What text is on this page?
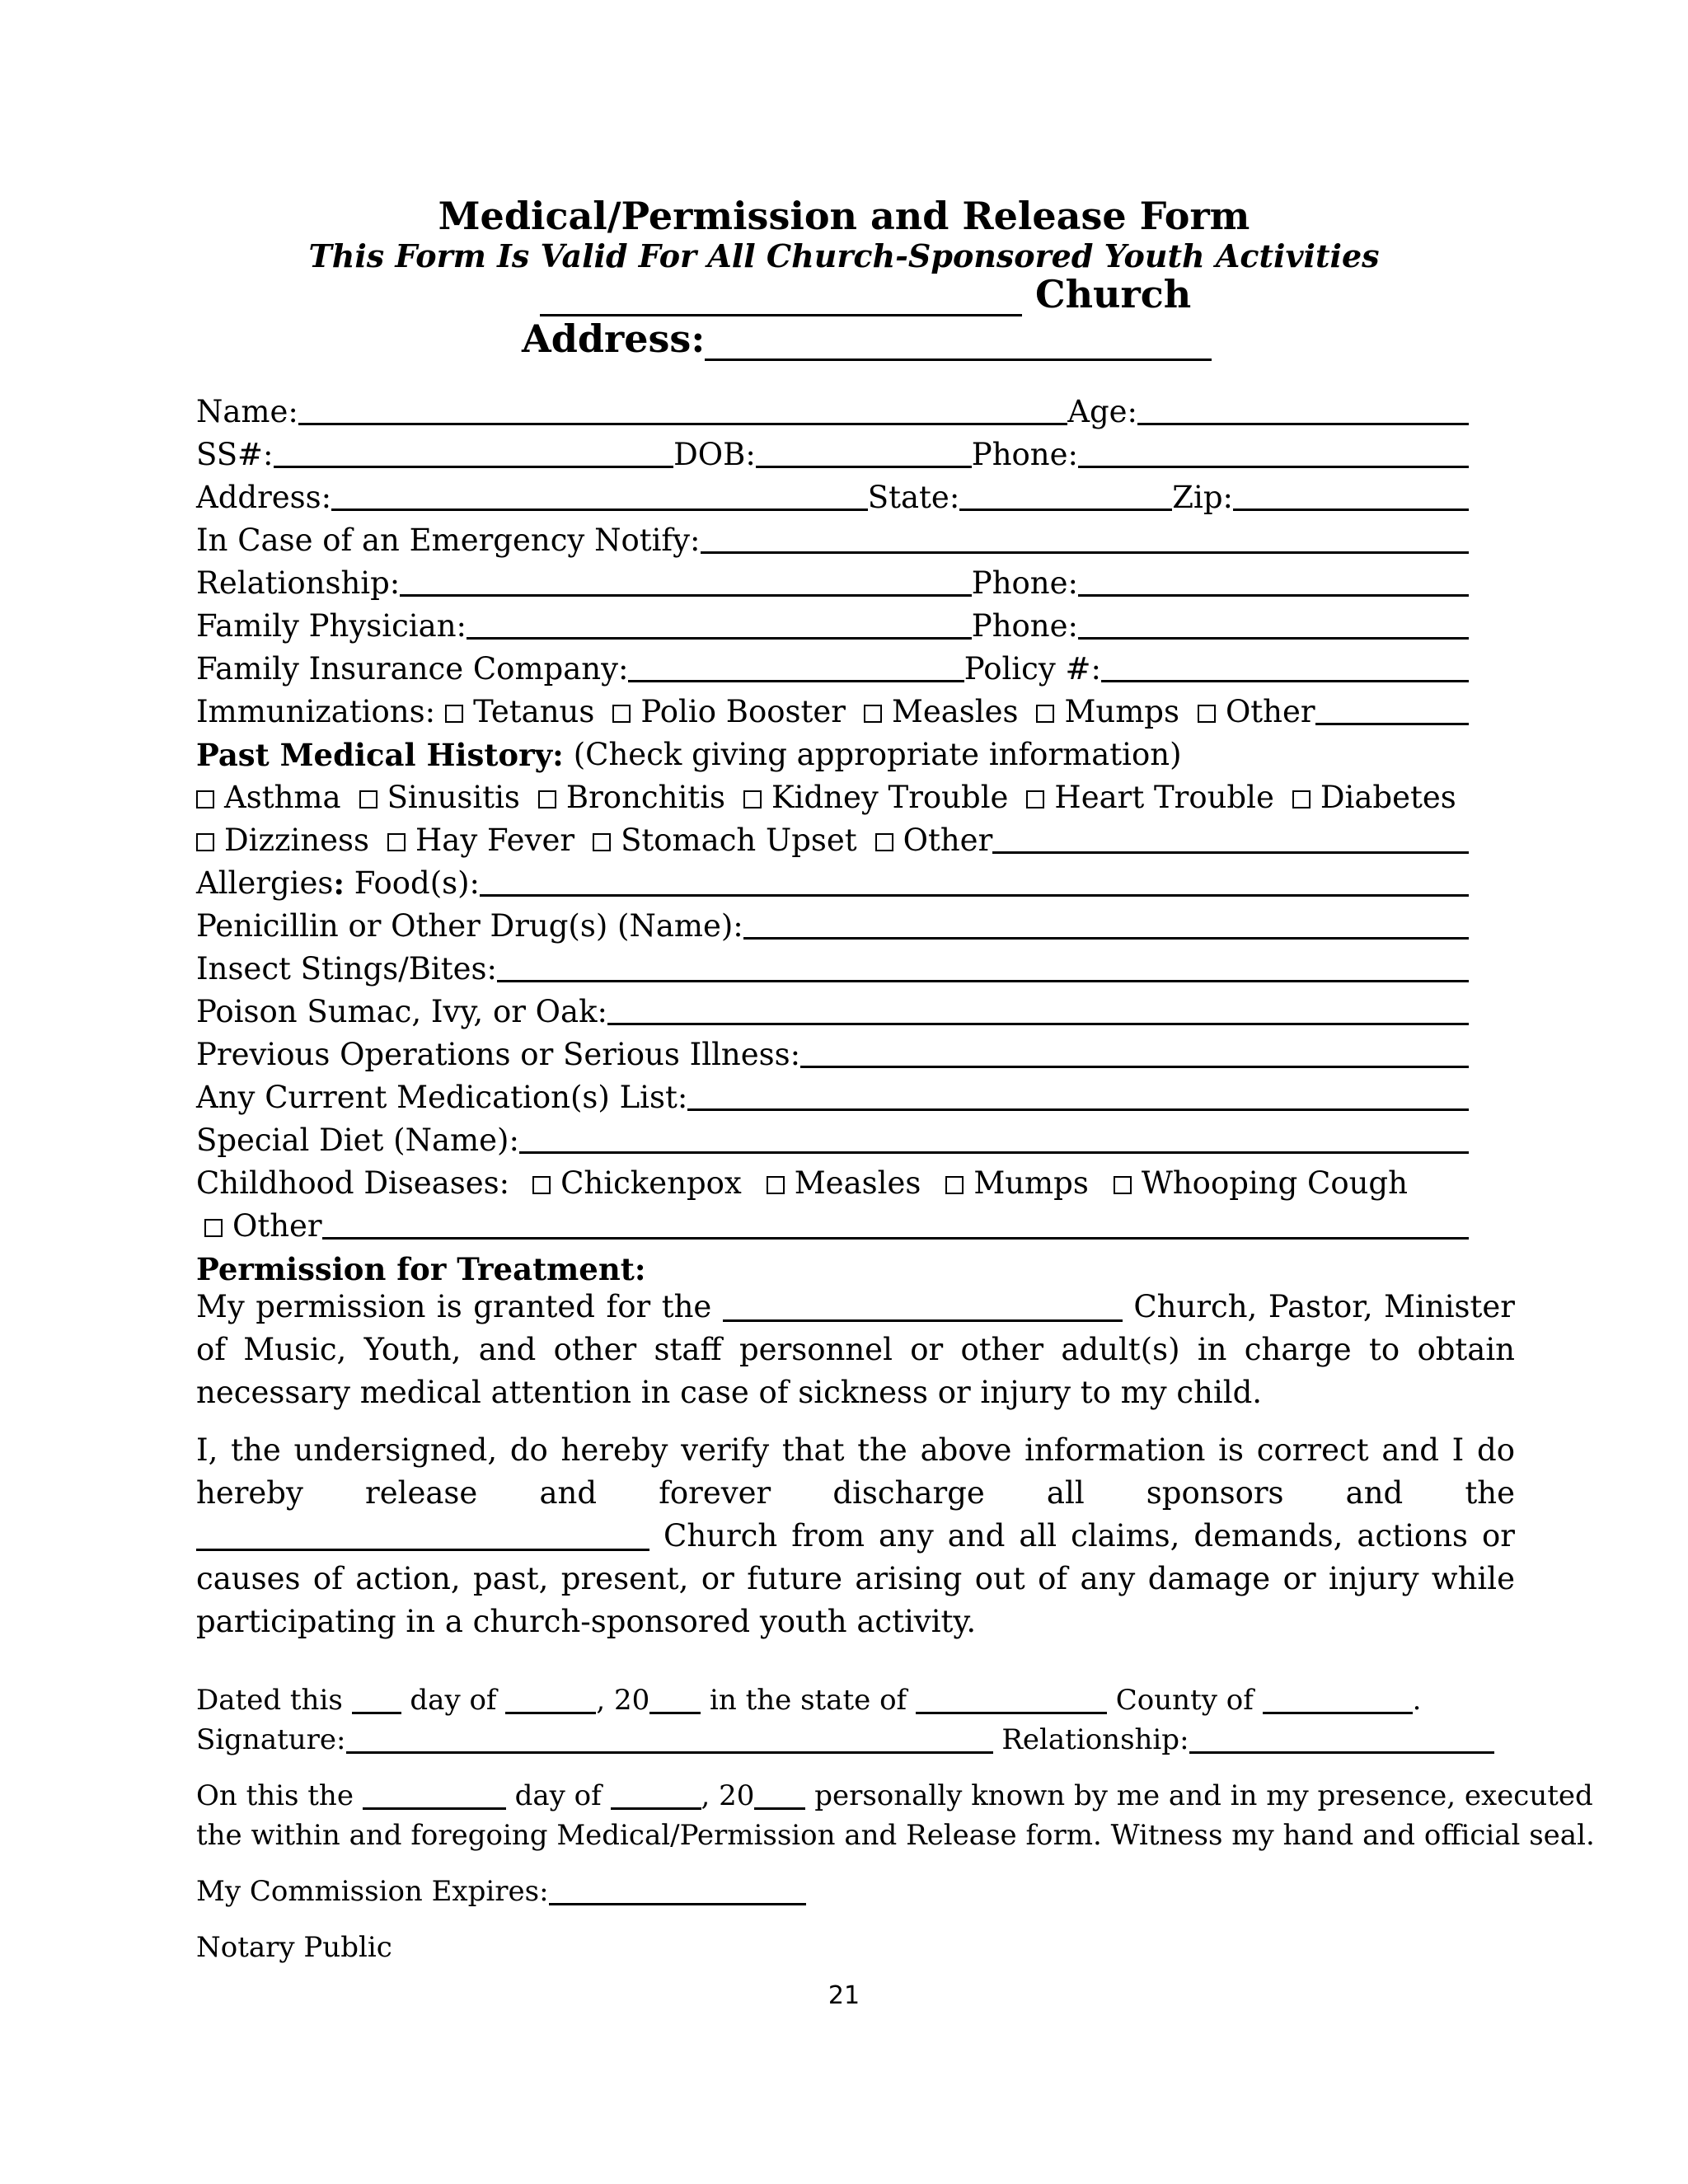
Medical/Permission and Release Form
This Form Is Valid For All Church-Sponsored Youth Activities
Church
Address:
Name:	Age:
SS#:	DOB:	Phone:
Address:	State:	Zip:
In Case of an Emergency Notify:
Relationship:	Phone:
Family Physician:	Phone:
Family Insurance Company:	Policy #:
Immunizations:	Tetanus	Polio Booster	Measles	Mumps	Other
Past Medical History: (Check giving appropriate information)
Asthma	Sinusitis	Bronchitis	Kidney Trouble	Heart Trouble	Diabetes
Dizziness	Hay Fever	Stomach Upset	Other
Allergies : Food(s):
Penicillin or Other Drug(s) (Name):
Insect Stings/Bites:
Poison Sumac, Ivy, or Oak:
Previous Operations or Serious Illness:
Any Current Medication(s) List:
Special Diet (Name):
Childhood Diseases:	Chickenpox	Measles	Mumps	Whooping Cough
Other
Permission for Treatment:
My permission is granted for the	Church, Pastor, Minister of Music, Youth, and other staff personnel or other adult(s) in charge to obtain necessary medical attention in case of sickness or injury to my child.
I, the undersigned, do hereby verify that the above information is correct and I do hereby release and forever discharge all sponsors and the  Church from any and all claims, demands, actions or causes of action, past, present, or future arising out of any damage or injury while participating in a church-sponsored youth activity.
Dated this day of	, 20 in the state of	County of	.
Signature:	Relationship:
On this the	day of	, 20 personally known by me and in my presence, executed
the within and foregoing Medical/Permission and Release form. Witness my hand and official seal.
My Commission Expires:
Notary Public
21
